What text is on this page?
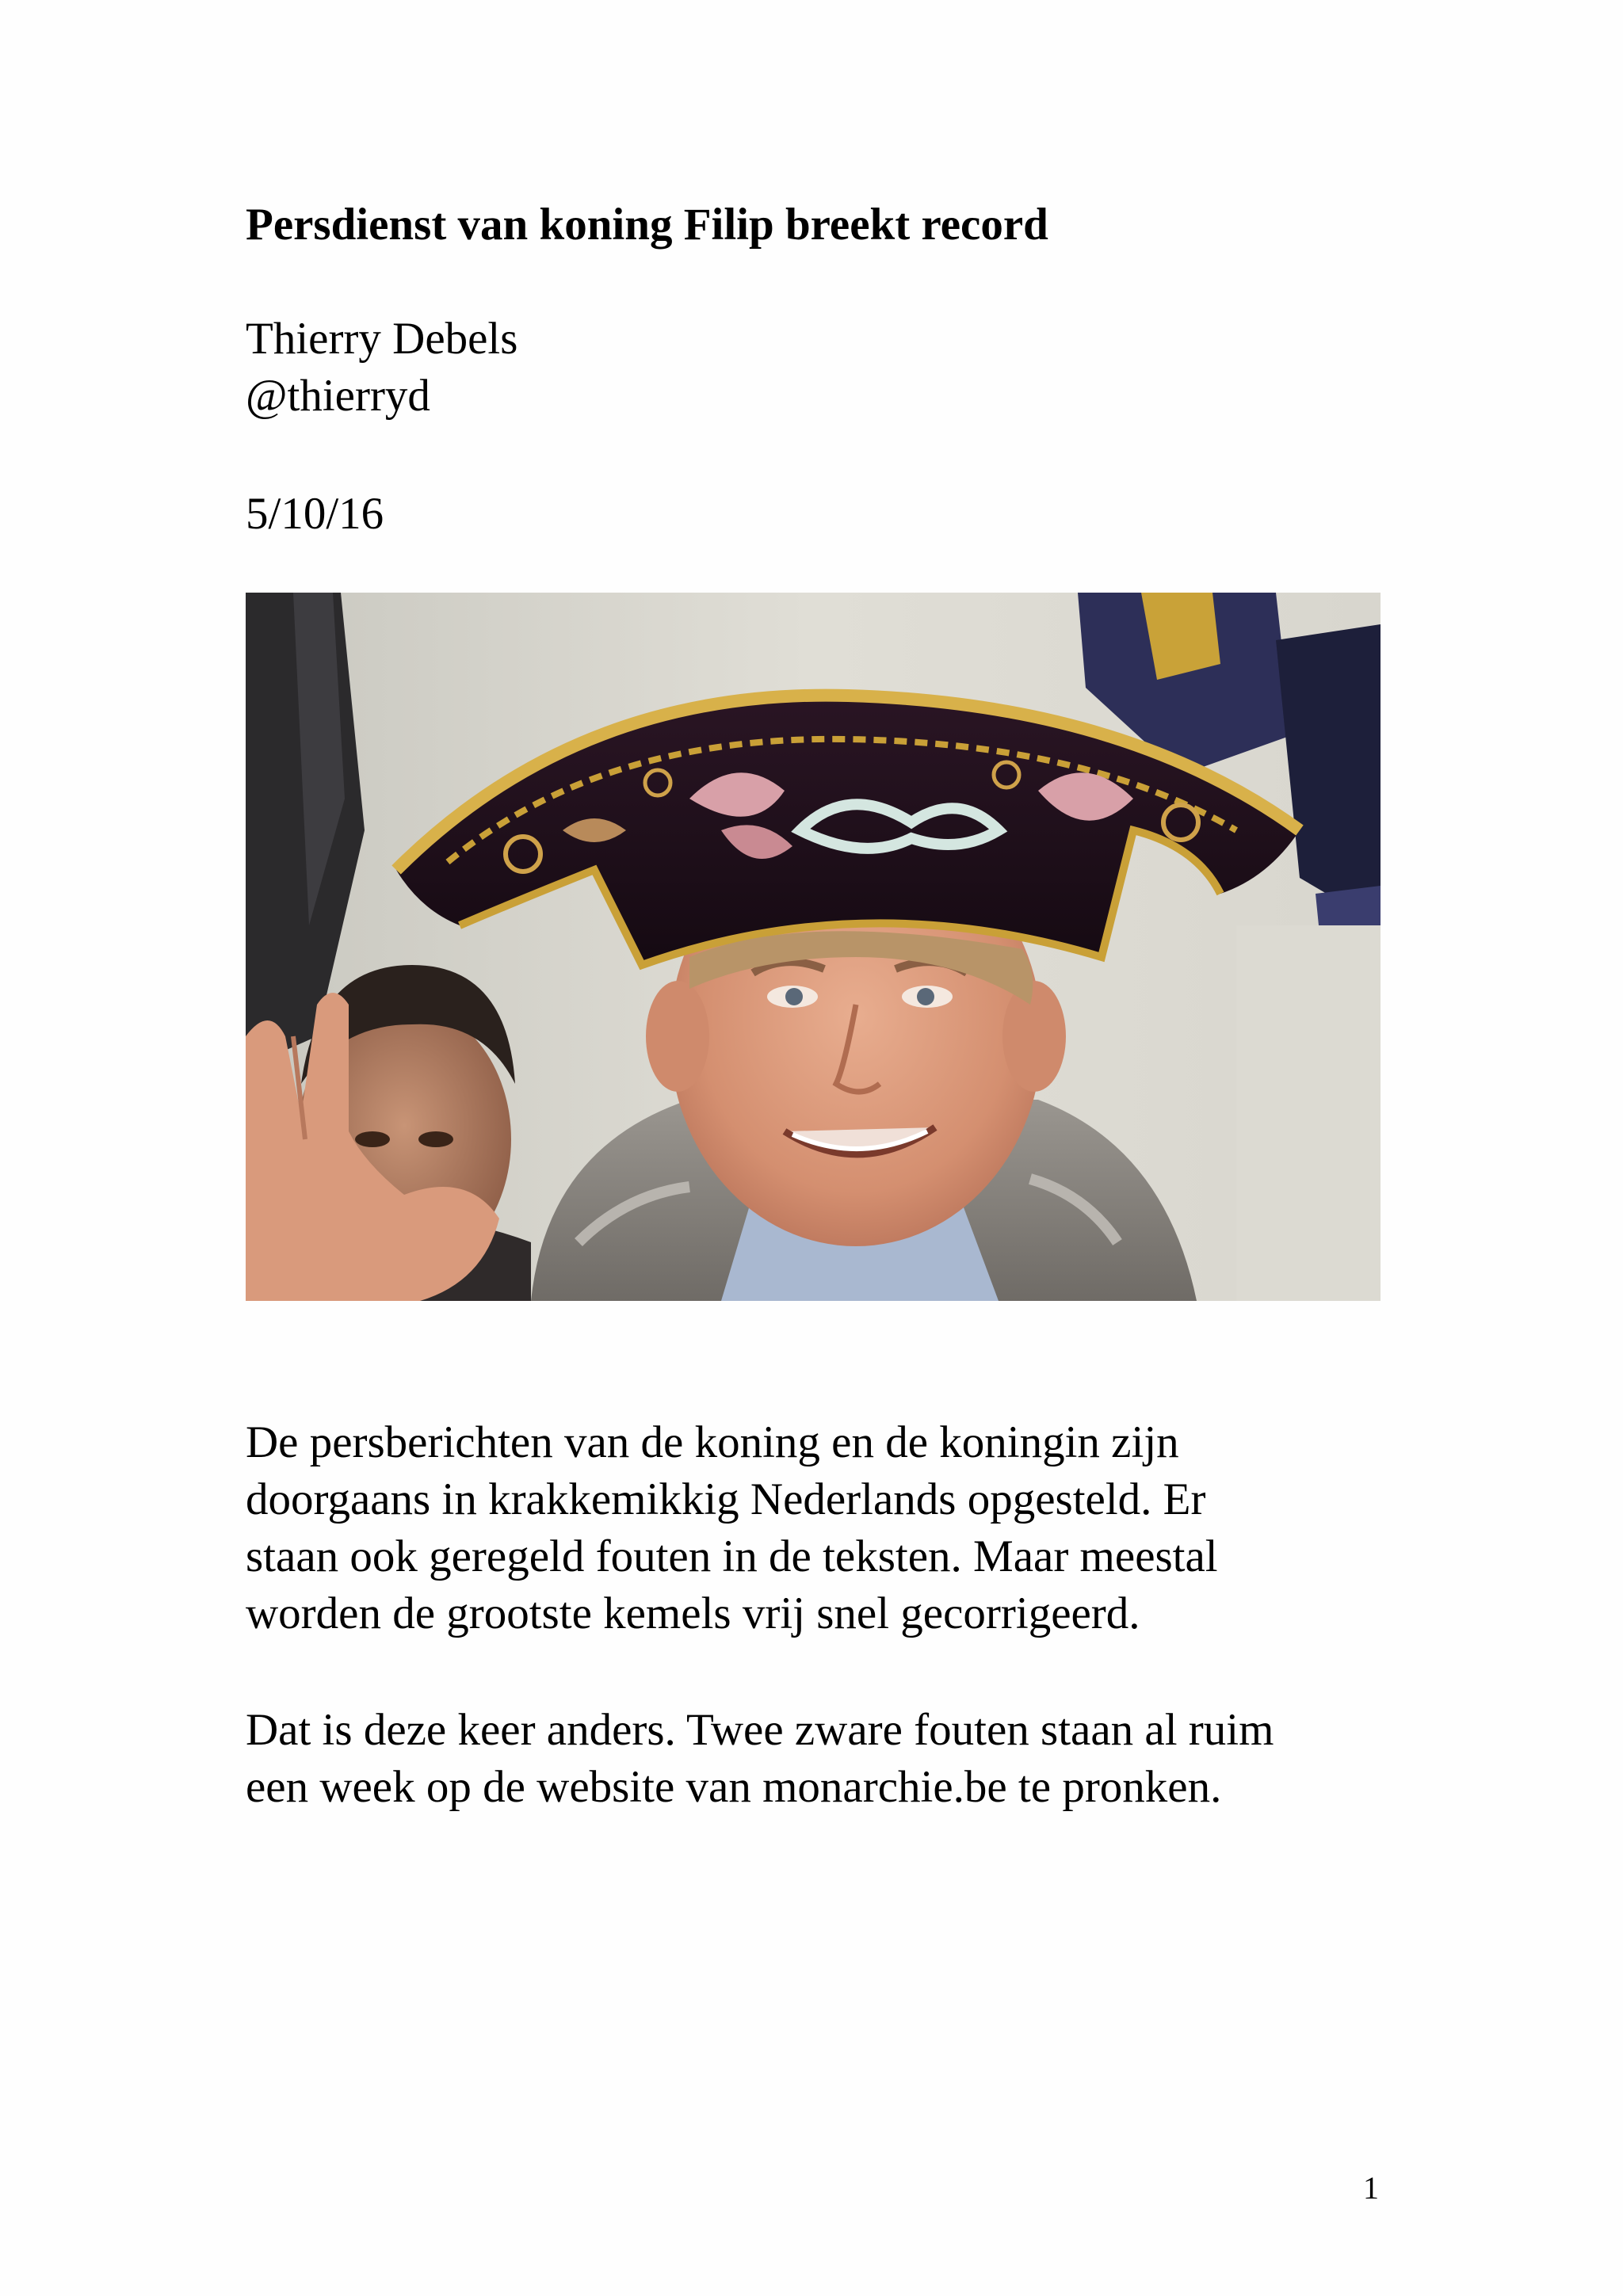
Persdienst van koning Filip breekt record
Thierry Debels
@thierryd
5/10/16
De persberichten van de koning en de koningin zijn
doorgaans in krakkemikkig Nederlands opgesteld. Er
staan ook geregeld fouten in de teksten. Maar meestal
worden de grootste kemels vrij snel gecorrigeerd.
Dat is deze keer anders. Twee zware fouten staan al ruim
een week op de website van monarchie.be te pronken.
1
